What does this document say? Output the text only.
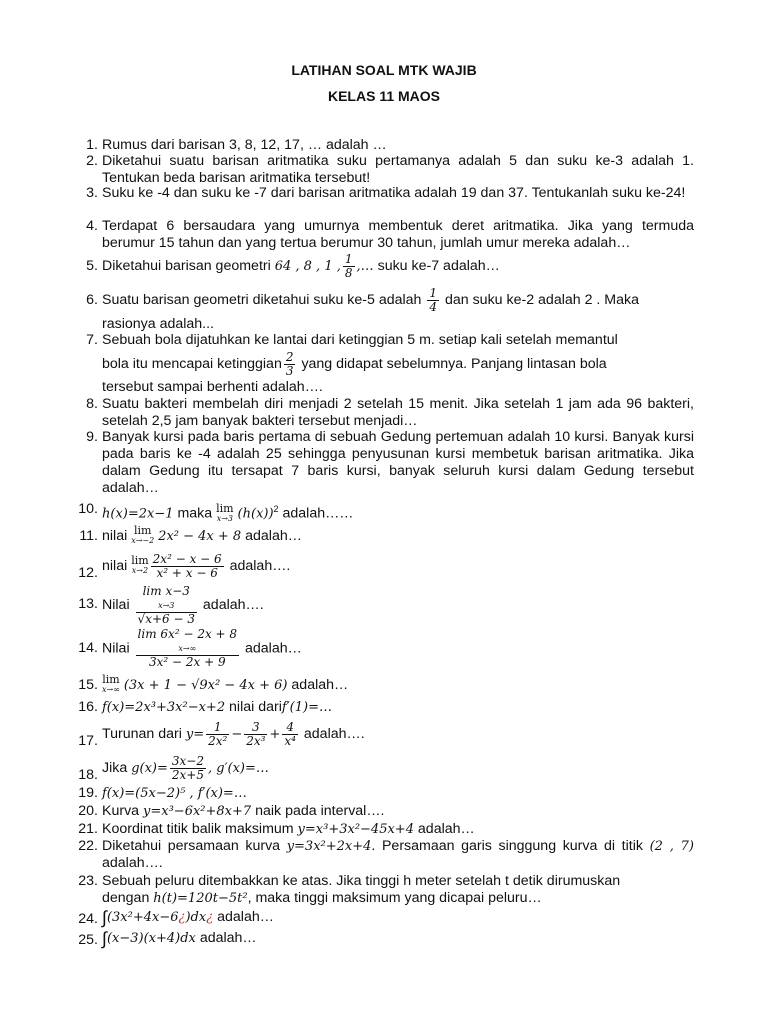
LATIHAN SOAL MTK WAJIB
KELAS 11 MAOS
1. Rumus dari barisan 3, 8, 12, 17, … adalah …
2. Diketahui suatu barisan aritmatika suku pertamanya adalah 5 dan suku ke-3 adalah 1. Tentukan beda barisan aritmatika tersebut!
3. Suku ke -4 dan suku ke -7 dari barisan aritmatika adalah 19 dan 37. Tentukanlah suku ke-24!
4. Terdapat 6 bersaudara yang umurnya membentuk deret aritmatika. Jika yang termuda berumur 15 tahun dan yang tertua berumur 30 tahun, jumlah umur mereka adalah…
5. Diketahui barisan geometri 64 , 8 , 1 , $\frac{1}{8}$ ,… suku ke-7 adalah…
6. Suatu barisan geometri diketahui suku ke-5 adalah $\frac{1}{4}$ dan suku ke-2 adalah 2 . Maka
rasionya adalah...
7. Sebuah bola dijatuhkan ke lantai dari ketinggian 5 m. setiap kali setelah memantul
bola itu mencapai ketinggian $\frac{2}{3}$ yang didapat sebelumnya. Panjang lintasan bola
tersebut sampai berhenti adalah….
8. Suatu bakteri membelah diri menjadi 2 setelah 15 menit. Jika setelah 1 jam ada 96 bakteri, setelah 2,5 jam banyak bakteri tersebut menjadi…
9. Banyak kursi pada baris pertama di sebuah Gedung pertemuan adalah 10 kursi. Banyak kursi pada baris ke -4 adalah 25 sehingga penyusunan kursi membetuk barisan aritmatika. Jika dalam Gedung itu tersapat 7 baris kursi, banyak seluruh kursi dalam Gedung tersebut adalah…
10. h(x)=2x−1 maka lim
x→3 $(h(x))^2$ adalah……
11. nilai lim
x→−2 2x² − 4x + 8 adalah…
12. nilai lim
$x\to 2 \frac{\text{2x² − x − 6}}{\text{x² + x − 6}}$ adalah….
13. Nilai
lim x−3
x→3
√x+6 − 3
adalah….
14. Nilai
lim 6x² − 2x + 8
x→∞
3x² − 2x + 9
adalah…
15. lim
x→∞ (3x + 1 − √9x² − 4x + 6) adalah…
16. f(x)=2x³+3x²−x+2 nilai darif′(1)=…
17. Turunan dari $y= \frac{1}{\text{2x²}} - \frac{3}{\text{2x³}} + \frac{4}{\text{x⁴}}$ adalah….
18. Jika $g(x)= \frac{3x-2}{2x+5}$ , g′(x)=…
19. f(x)=(5x−2)⁵ , f′(x)=…
20. Kurva y=x³−6x²+8x+7 naik pada interval….
21. Koordinat titik balik maksimum y=x³+3x²−45x+4 adalah…
22. Diketahui persamaan kurva y=3x²+2x+4. Persamaan garis singgung kurva di titik (2 , 7) adalah….
23. Sebuah peluru ditembakkan ke atas. Jika tinggi h meter setelah t detik dirumuskan
dengan h(t)=120t−5t², maka tinggi maksimum yang dicapai peluru…
24. ∫(3x²+4x−6¿)dx¿ adalah…
25. ∫(x−3)(x+4)dx adalah…
